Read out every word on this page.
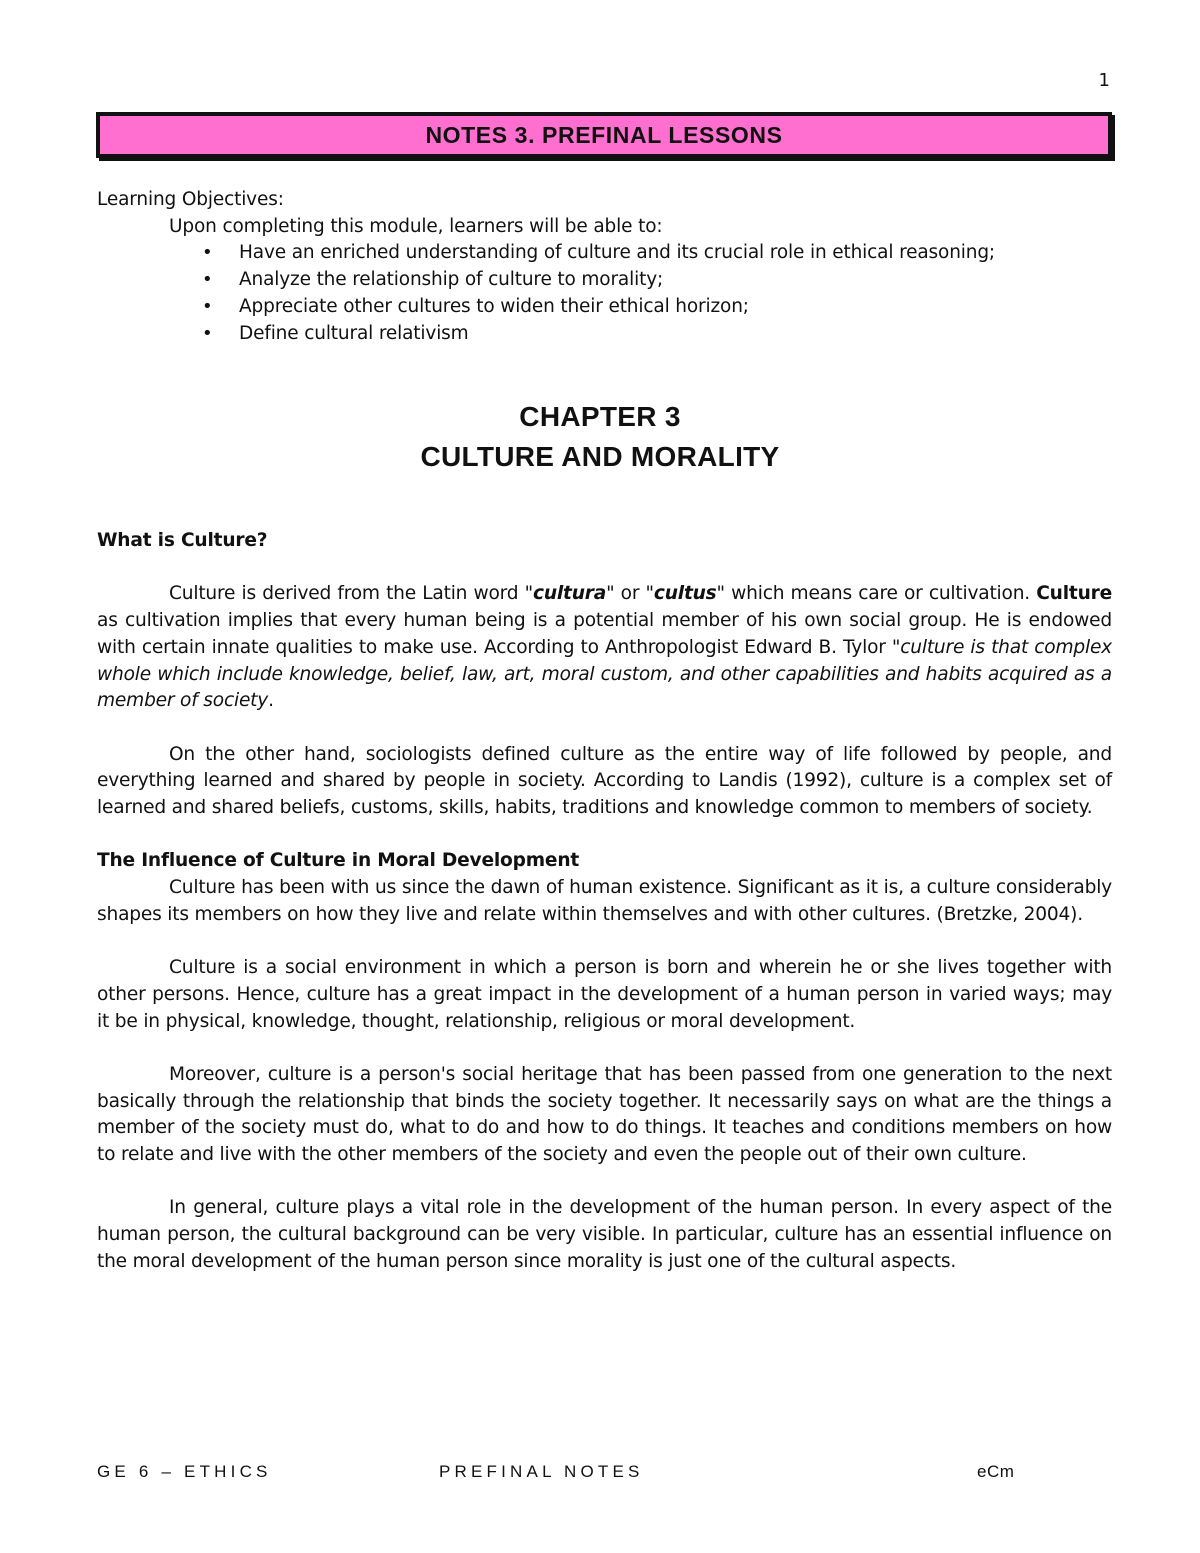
1
NOTES 3. PREFINAL LESSONS
Learning Objectives:
Upon completing this module, learners will be able to:
• Have an enriched understanding of culture and its crucial role in ethical reasoning;
• Analyze the relationship of culture to morality;
• Appreciate other cultures to widen their ethical horizon;
• Define cultural relativism
CHAPTER 3
CULTURE AND MORALITY
What is Culture?

Culture is derived from the Latin word "cultura" or "cultus" which means care or cultivation. Culture as cultivation implies that every human being is a potential member of his own social group. He is endowed with certain innate qualities to make use. According to Anthropologist Edward B. Tylor "culture is that complex whole which include knowledge, belief, law, art, moral custom, and other capabilities and habits acquired as a member of society.

On the other hand, sociologists defined culture as the entire way of life followed by people, and everything learned and shared by people in society. According to Landis (1992), culture is a complex set of learned and shared beliefs, customs, skills, habits, traditions and knowledge common to members of society.

The Influence of Culture in Moral Development

Culture has been with us since the dawn of human existence. Significant as it is, a culture considerably shapes its members on how they live and relate within themselves and with other cultures. (Bretzke, 2004).

Culture is a social environment in which a person is born and wherein he or she lives together with other persons. Hence, culture has a great impact in the development of a human person in varied ways; may it be in physical, knowledge, thought, relationship, religious or moral development.

Moreover, culture is a person's social heritage that has been passed from one generation to the next basically through the relationship that binds the society together. It necessarily says on what are the things a member of the society must do, what to do and how to do things. It teaches and conditions members on how to relate and live with the other members of the society and even the people out of their own culture.

In general, culture plays a vital role in the development of the human person. In every aspect of the human person, the cultural background can be very visible. In particular, culture has an essential influence on the moral development of the human person since morality is just one of the cultural aspects.

GE 6 – ETHICS	PREFINAL NOTES	eCm
